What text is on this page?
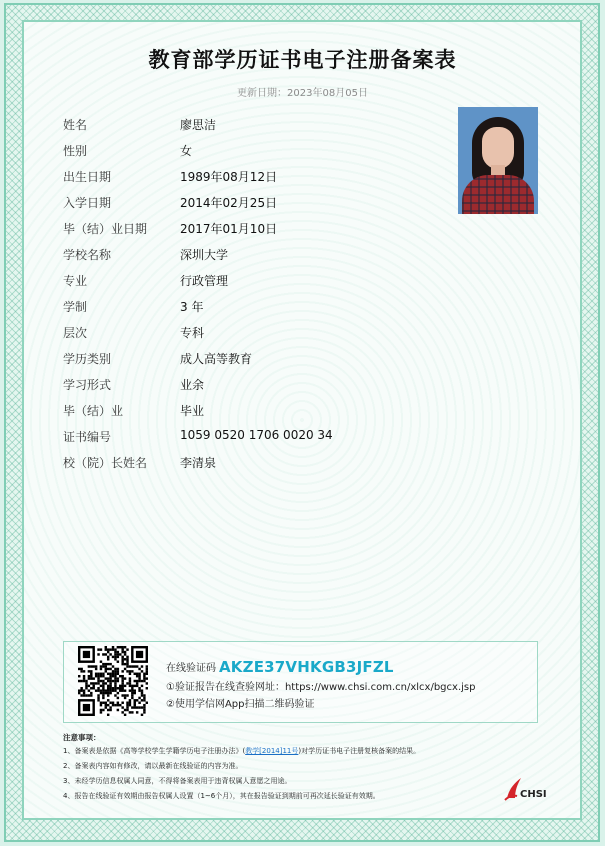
教育部学历证书电子注册备案表
更新日期：2023年08月05日
姓名	廖思洁
性别	女
出生日期	1989年08月12日
入学日期	2014年02月25日
毕（结）业日期	2017年01月10日
学校名称	深圳大学
专业	行政管理
学制	3 年
层次	专科
学历类别	成人高等教育
学习形式	业余
毕（结）业	毕业
证书编号	1059 0520 1706 0020 34
校（院）长姓名	李清泉
在线验证码 AKZE37VHKGB3JFZL
①验证报告在线查验网址：https://www.chsi.com.cn/xlcx/bgcx.jsp
②使用学信网App扫描二维码验证
注意事项：
1、备案表是依据《高等学校学生学籍学历电子注册办法》(教学[2014]11号)对学历证书电子注册复核备案的结果。
2、备案表内容如有修改，请以最新在线验证的内容为准。
3、未经学历信息权属人同意，不得将备案表用于违背权属人意愿之用途。
4、报告在线验证有效期由报告权属人设置（1~6个月），其在报告验证到期前可再次延长验证有效期。	CHSI
